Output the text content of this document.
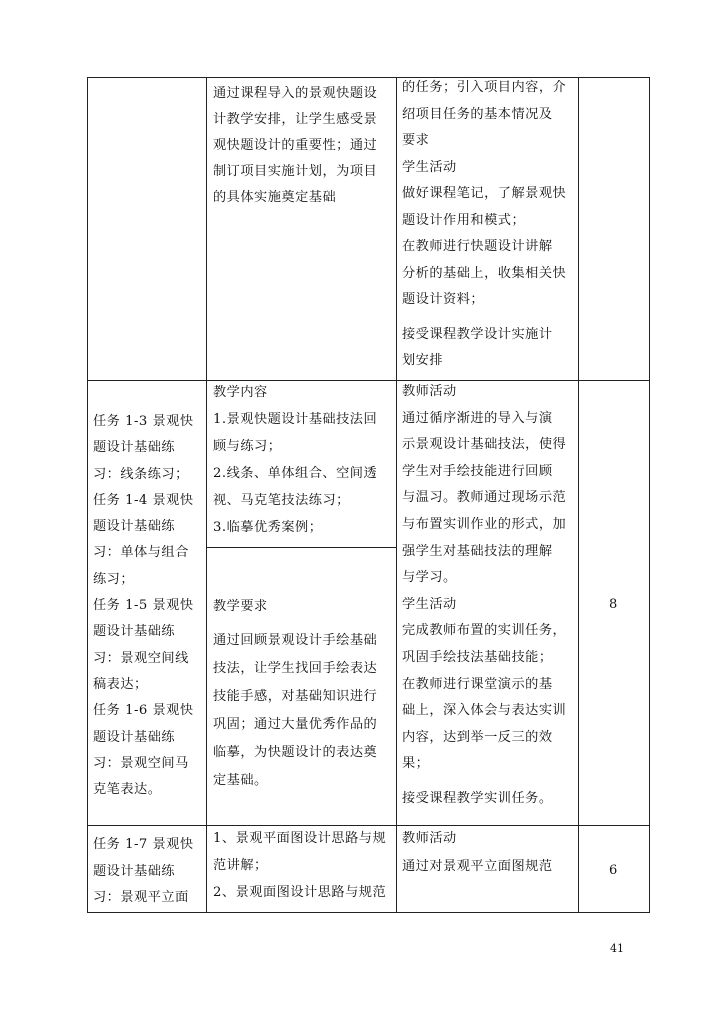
通过课程导入的景观快题设
计教学安排，让学生感受景
观快题设计的重要性；通过
制订项目实施计划，为项目
的具体实施奠定基础
的任务；引入项目内容，介
绍项目任务的基本情况及
要求
学生活动
做好课程笔记，了解景观快
题设计作用和模式；
在教师进行快题设计讲解
分析的基础上，收集相关快
题设计资料；
接受课程教学设计实施计
划安排
任务 1-3 景观快
题设计基础练
习：线条练习；
任务 1-4 景观快
题设计基础练
习：单体与组合
练习；
任务 1-5 景观快
题设计基础练
习：景观空间线
稿表达；
任务 1-6 景观快
题设计基础练
习：景观空间马
克笔表达。
教学内容
1.景观快题设计基础技法回
顾与练习；
2.线条、单体组合、空间透
视、马克笔技法练习；
3.临摹优秀案例；
教学要求
通过回顾景观设计手绘基础
技法，让学生找回手绘表达
技能手感，对基础知识进行
巩固；通过大量优秀作品的
临摹，为快题设计的表达奠
定基础。
教师活动
通过循序渐进的导入与演
示景观设计基础技法，使得
学生对手绘技能进行回顾
与温习。教师通过现场示范
与布置实训作业的形式，加
强学生对基础技法的理解
与学习。
学生活动
完成教师布置的实训任务，
巩固手绘技法基础技能；
在教师进行课堂演示的基
础上，深入体会与表达实训
内容，达到举一反三的效
果；
接受课程教学实训任务。
8
任务 1-7 景观快
题设计基础练
习：景观平立面
1、景观平面图设计思路与规
范讲解；
2、景观面图设计思路与规范
教师活动
通过对景观平立面图规范	6
41
